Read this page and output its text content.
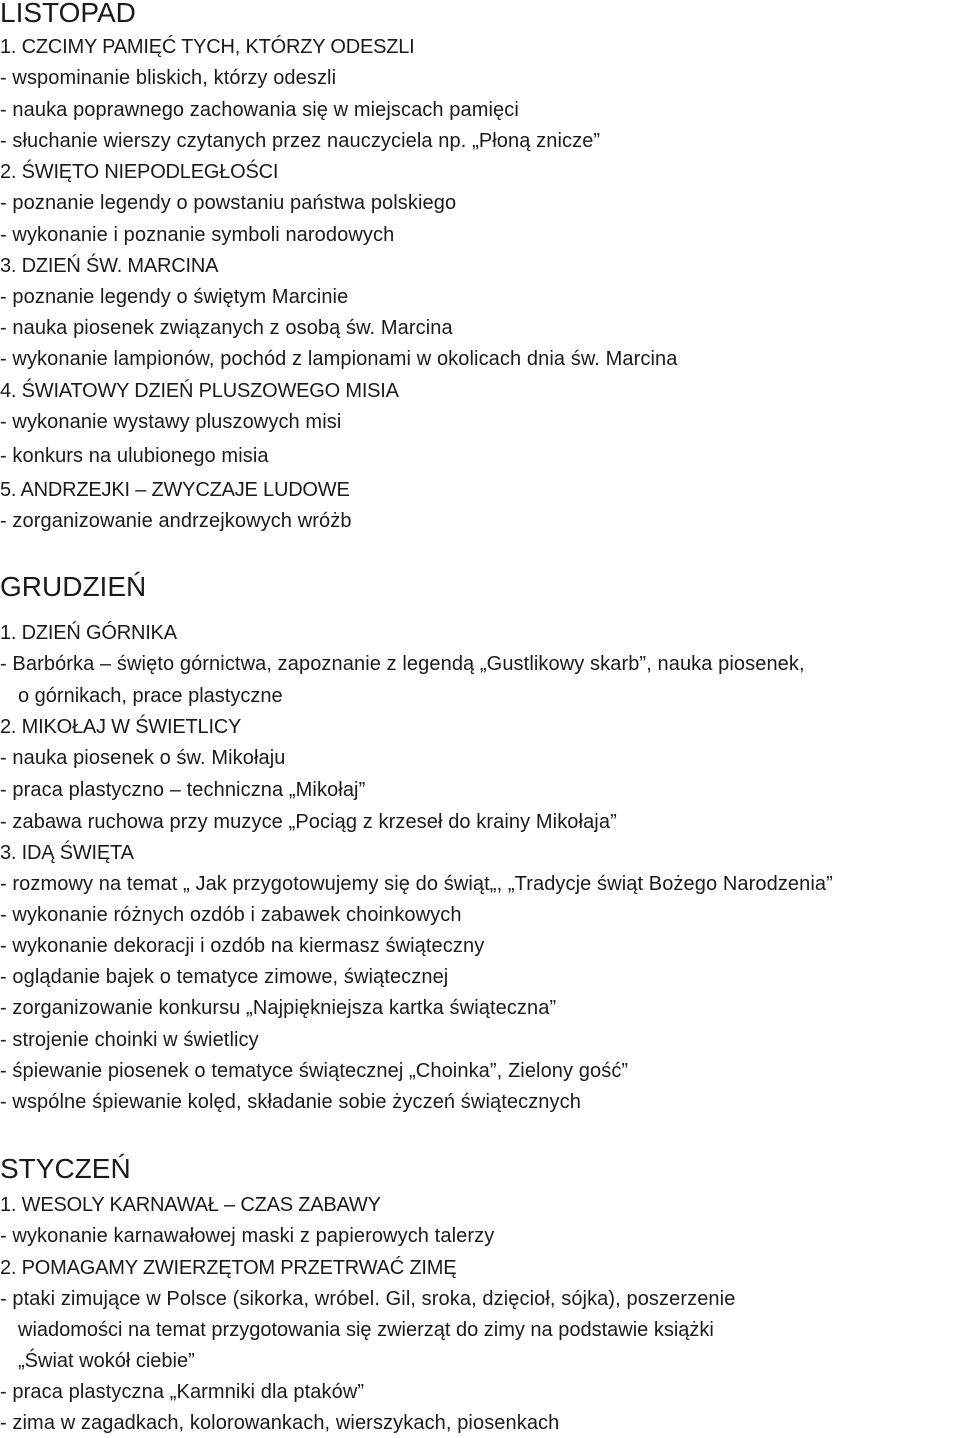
LISTOPAD
1. CZCIMY PAMIĘĆ TYCH, KTÓRZY ODESZLI
- wspominanie bliskich, którzy odeszli
- nauka poprawnego zachowania się w miejscach pamięci
- słuchanie wierszy czytanych przez nauczyciela np. „Płoną znicze”
2. ŚWIĘTO NIEPODLEGŁOŚCI
- poznanie legendy o powstaniu państwa polskiego
- wykonanie i poznanie symboli narodowych
3. DZIEŃ ŚW. MARCINA
- poznanie legendy o świętym Marcinie
- nauka piosenek związanych z osobą św. Marcina
- wykonanie lampionów, pochód z lampionami w okolicach dnia św. Marcina
4. ŚWIATOWY DZIEŃ PLUSZOWEGO MISIA
- wykonanie wystawy pluszowych misi
- konkurs na ulubionego misia
5. ANDRZEJKI – ZWYCZAJE LUDOWE
- zorganizowanie andrzejkowych wróżb
GRUDZIEŃ
1. DZIEŃ GÓRNIKA
- Barbórka – święto górnictwa, zapoznanie z legendą „Gustlikowy skarb”, nauka piosenek,
o górnikach, prace plastyczne
2. MIKOŁAJ W ŚWIETLICY
- nauka piosenek o św. Mikołaju
- praca plastyczno – techniczna „Mikołaj”
- zabawa ruchowa przy muzyce „Pociąg z krzeseł do krainy Mikołaja”
3. IDĄ ŚWIĘTA
- rozmowy na temat „ Jak przygotowujemy się do świąt„, „Tradycje świąt Bożego Narodzenia”
- wykonanie różnych ozdób i zabawek choinkowych
- wykonanie dekoracji i ozdób na kiermasz świąteczny
- oglądanie bajek o tematyce zimowe, świątecznej
- zorganizowanie konkursu „Najpiękniejsza kartka świąteczna”
- strojenie choinki w świetlicy
- śpiewanie piosenek o tematyce świątecznej „Choinka”, Zielony gość”
- wspólne śpiewanie kolęd, składanie sobie życzeń świątecznych
STYCZEŃ
1. WESOLY KARNAWAŁ – CZAS ZABAWY
- wykonanie karnawałowej maski z papierowych talerzy
2. POMAGAMY ZWIERZĘTOM PRZETRWAĆ ZIMĘ
- ptaki zimujące w Polsce (sikorka, wróbel. Gil, sroka, dzięcioł, sójka), poszerzenie
wiadomości na temat przygotowania się zwierząt do zimy na podstawie książki
„Świat wokół ciebie”
- praca plastyczna „Karmniki dla ptaków”
- zima w zagadkach, kolorowankach, wierszykach, piosenkach
